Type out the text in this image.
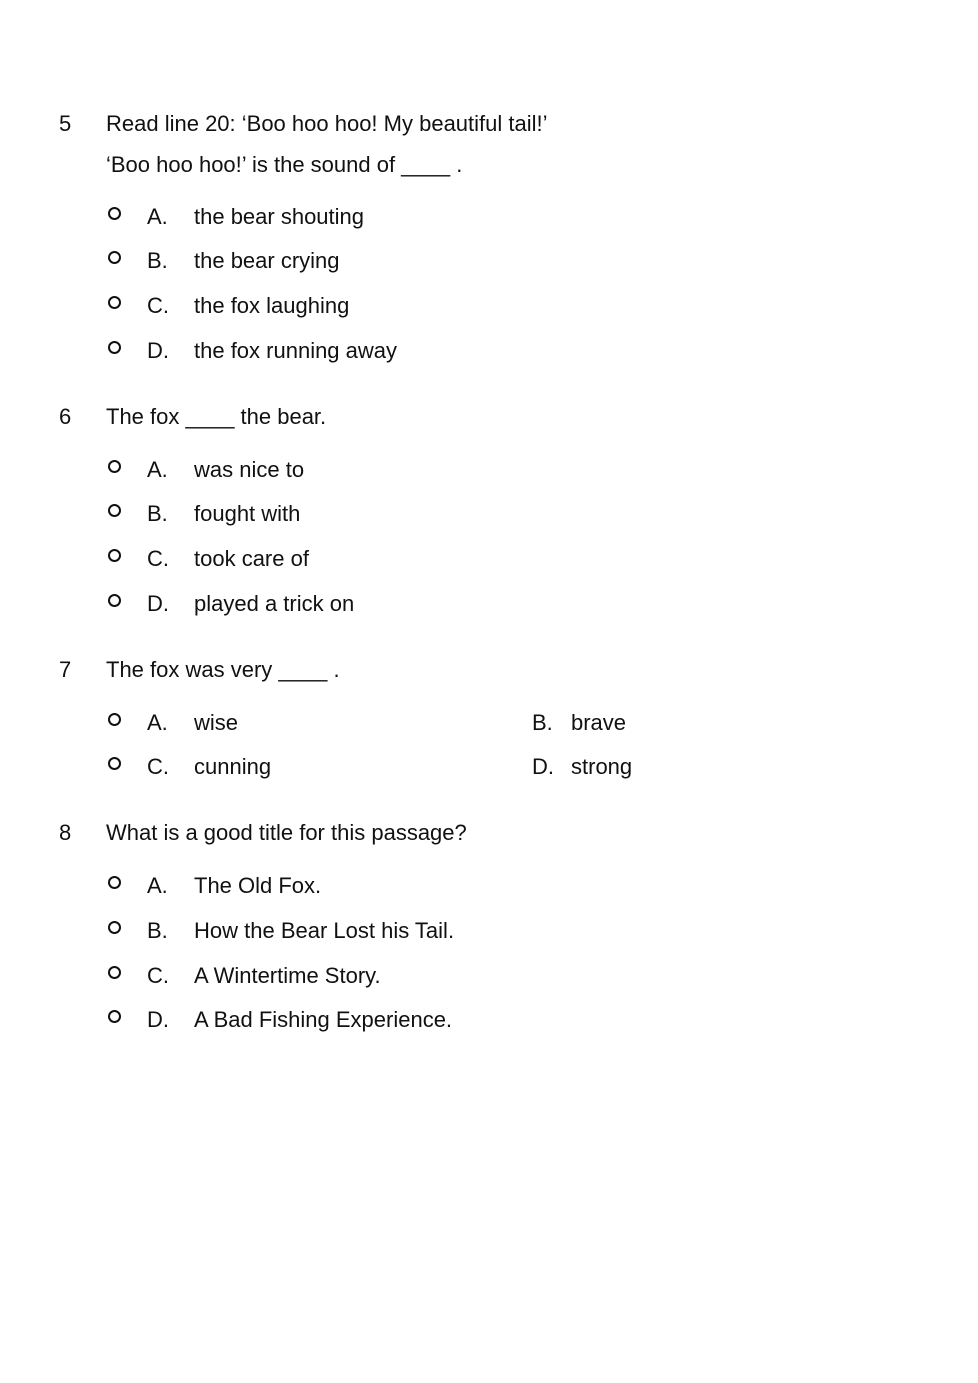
5 Read line 20: ‘Boo hoo hoo! My beautiful tail!’
‘Boo hoo hoo!’ is the sound of ____ .
A. the bear shouting
B. the bear crying
C. the fox laughing
D. the fox running away
6 The fox ____ the bear.
A. was nice to
B. fought with
C. took care of
D. played a trick on
7 The fox was very ____ .
A. wise	B. brave
C. cunning	D. strong
8 What is a good title for this passage?
A. The Old Fox.
B. How the Bear Lost his Tail.
C. A Wintertime Story.
D. A Bad Fishing Experience.
